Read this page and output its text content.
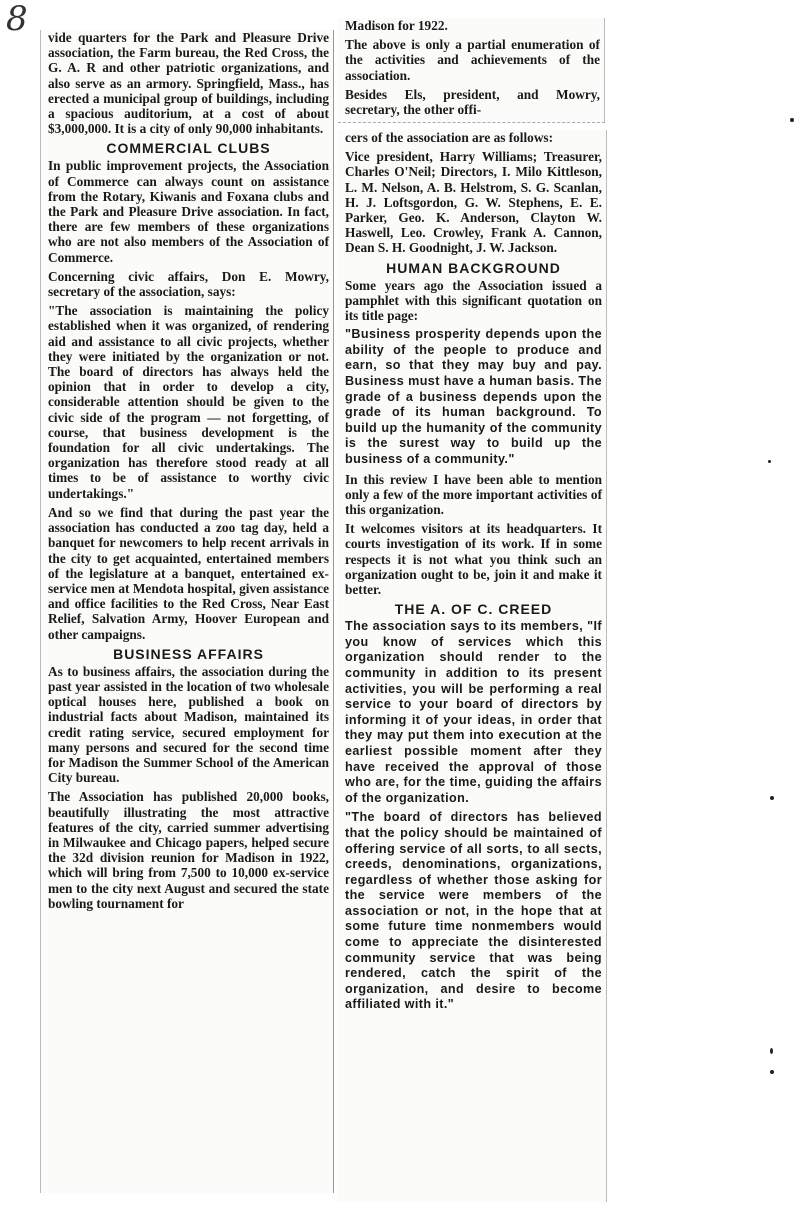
8 vide quarters for the Park and Pleasure Drive association, the Farm bureau, the Red Cross, the G. A. R and other patriotic organizations, and also serve as an armory. Springfield, Mass., has erected a municipal group of buildings, including a spacious auditorium, at a cost of about $3,000,000. It is a city of only 90,000 inhabitants.

COMMERCIAL CLUBS

In public improvement projects, the Association of Commerce can always count on assistance from the Rotary, Kiwanis and Foxana clubs and the Park and Pleasure Drive association. In fact, there are few members of these organizations who are not also members of the Association of Commerce.

Concerning civic affairs, Don E. Mowry, secretary of the association, says:

"The association is maintaining the policy established when it was organized, of rendering aid and assistance to all civic projects, whether they were initiated by the organization or not. The board of directors has always held the opinion that in order to develop a city, considerable attention should be given to the civic side of the program — not forgetting, of course, that business development is the foundation for all civic undertakings. The organization has therefore stood ready at all times to be of assistance to worthy civic undertakings."

And so we find that during the past year the association has conducted a zoo tag day, held a banquet for newcomers to help recent arrivals in the city to get acquainted, entertained members of the legislature at a banquet, entertained ex-service men at Mendota hospital, given assistance and office facilities to the Red Cross, Near East Relief, Salvation Army, Hoover European and other campaigns.

BUSINESS AFFAIRS

As to business affairs, the association during the past year assisted in the location of two wholesale optical houses here, published a book on industrial facts about Madison, maintained its credit rating service, secured employment for many persons and secured for the second time for Madison the Summer School of the American City bureau.

The Association has published 20,000 books, beautifully illustrating the most attractive features of the city, carried summer advertising in Milwaukee and Chicago papers, helped secure the 32d division reunion for Madison in 1922, which will bring from 7,500 to 10,000 ex-service men to the city next August and secured the state bowling tournament for

Madison for 1922.

The above is only a partial enumeration of the activities and achievements of the association.

Besides Els, president, and Mowry, secretary, the other offi-

cers of the association are as follows:

Vice president, Harry Williams; Treasurer, Charles O'Neil; Directors, I. Milo Kittleson, L. M. Nelson, A. B. Helstrom, S. G. Scanlan, H. J. Loftsgordon, G. W. Stephens, E. E. Parker, Geo. K. Anderson, Clayton W. Haswell, Leo. Crowley, Frank A. Cannon, Dean S. H. Goodnight, J. W. Jackson.

HUMAN BACKGROUND

Some years ago the Association issued a pamphlet with this significant quotation on its title page:

"Business prosperity depends upon the ability of the people to produce and earn, so that they may buy and pay. Business must have a human basis. The grade of a business depends upon the grade of its human background. To build up the humanity of the community is the surest way to build up the business of a community."

In this review I have been able to mention only a few of the more important activities of this organization.

It welcomes visitors at its headquarters. It courts investigation of its work. If in some respects it is not what you think such an organization ought to be, join it and make it better.

THE A. OF C. CREED

The association says to its members, "If you know of services which this organization should render to the community in addition to its present activities, you will be performing a real service to your board of directors by informing it of your ideas, in order that they may put them into execution at the earliest possible moment after they have received the approval of those who are, for the time, guiding the affairs of the organization.

"The board of directors has believed that the policy should be maintained of offering service of all sorts, to all sects, creeds, denominations, organizations, regardless of whether those asking for the service were members of the association or not, in the hope that at some future time nonmembers would come to appreciate the disinterested community service that was being rendered, catch the spirit of the organization, and desire to become affiliated with it."
